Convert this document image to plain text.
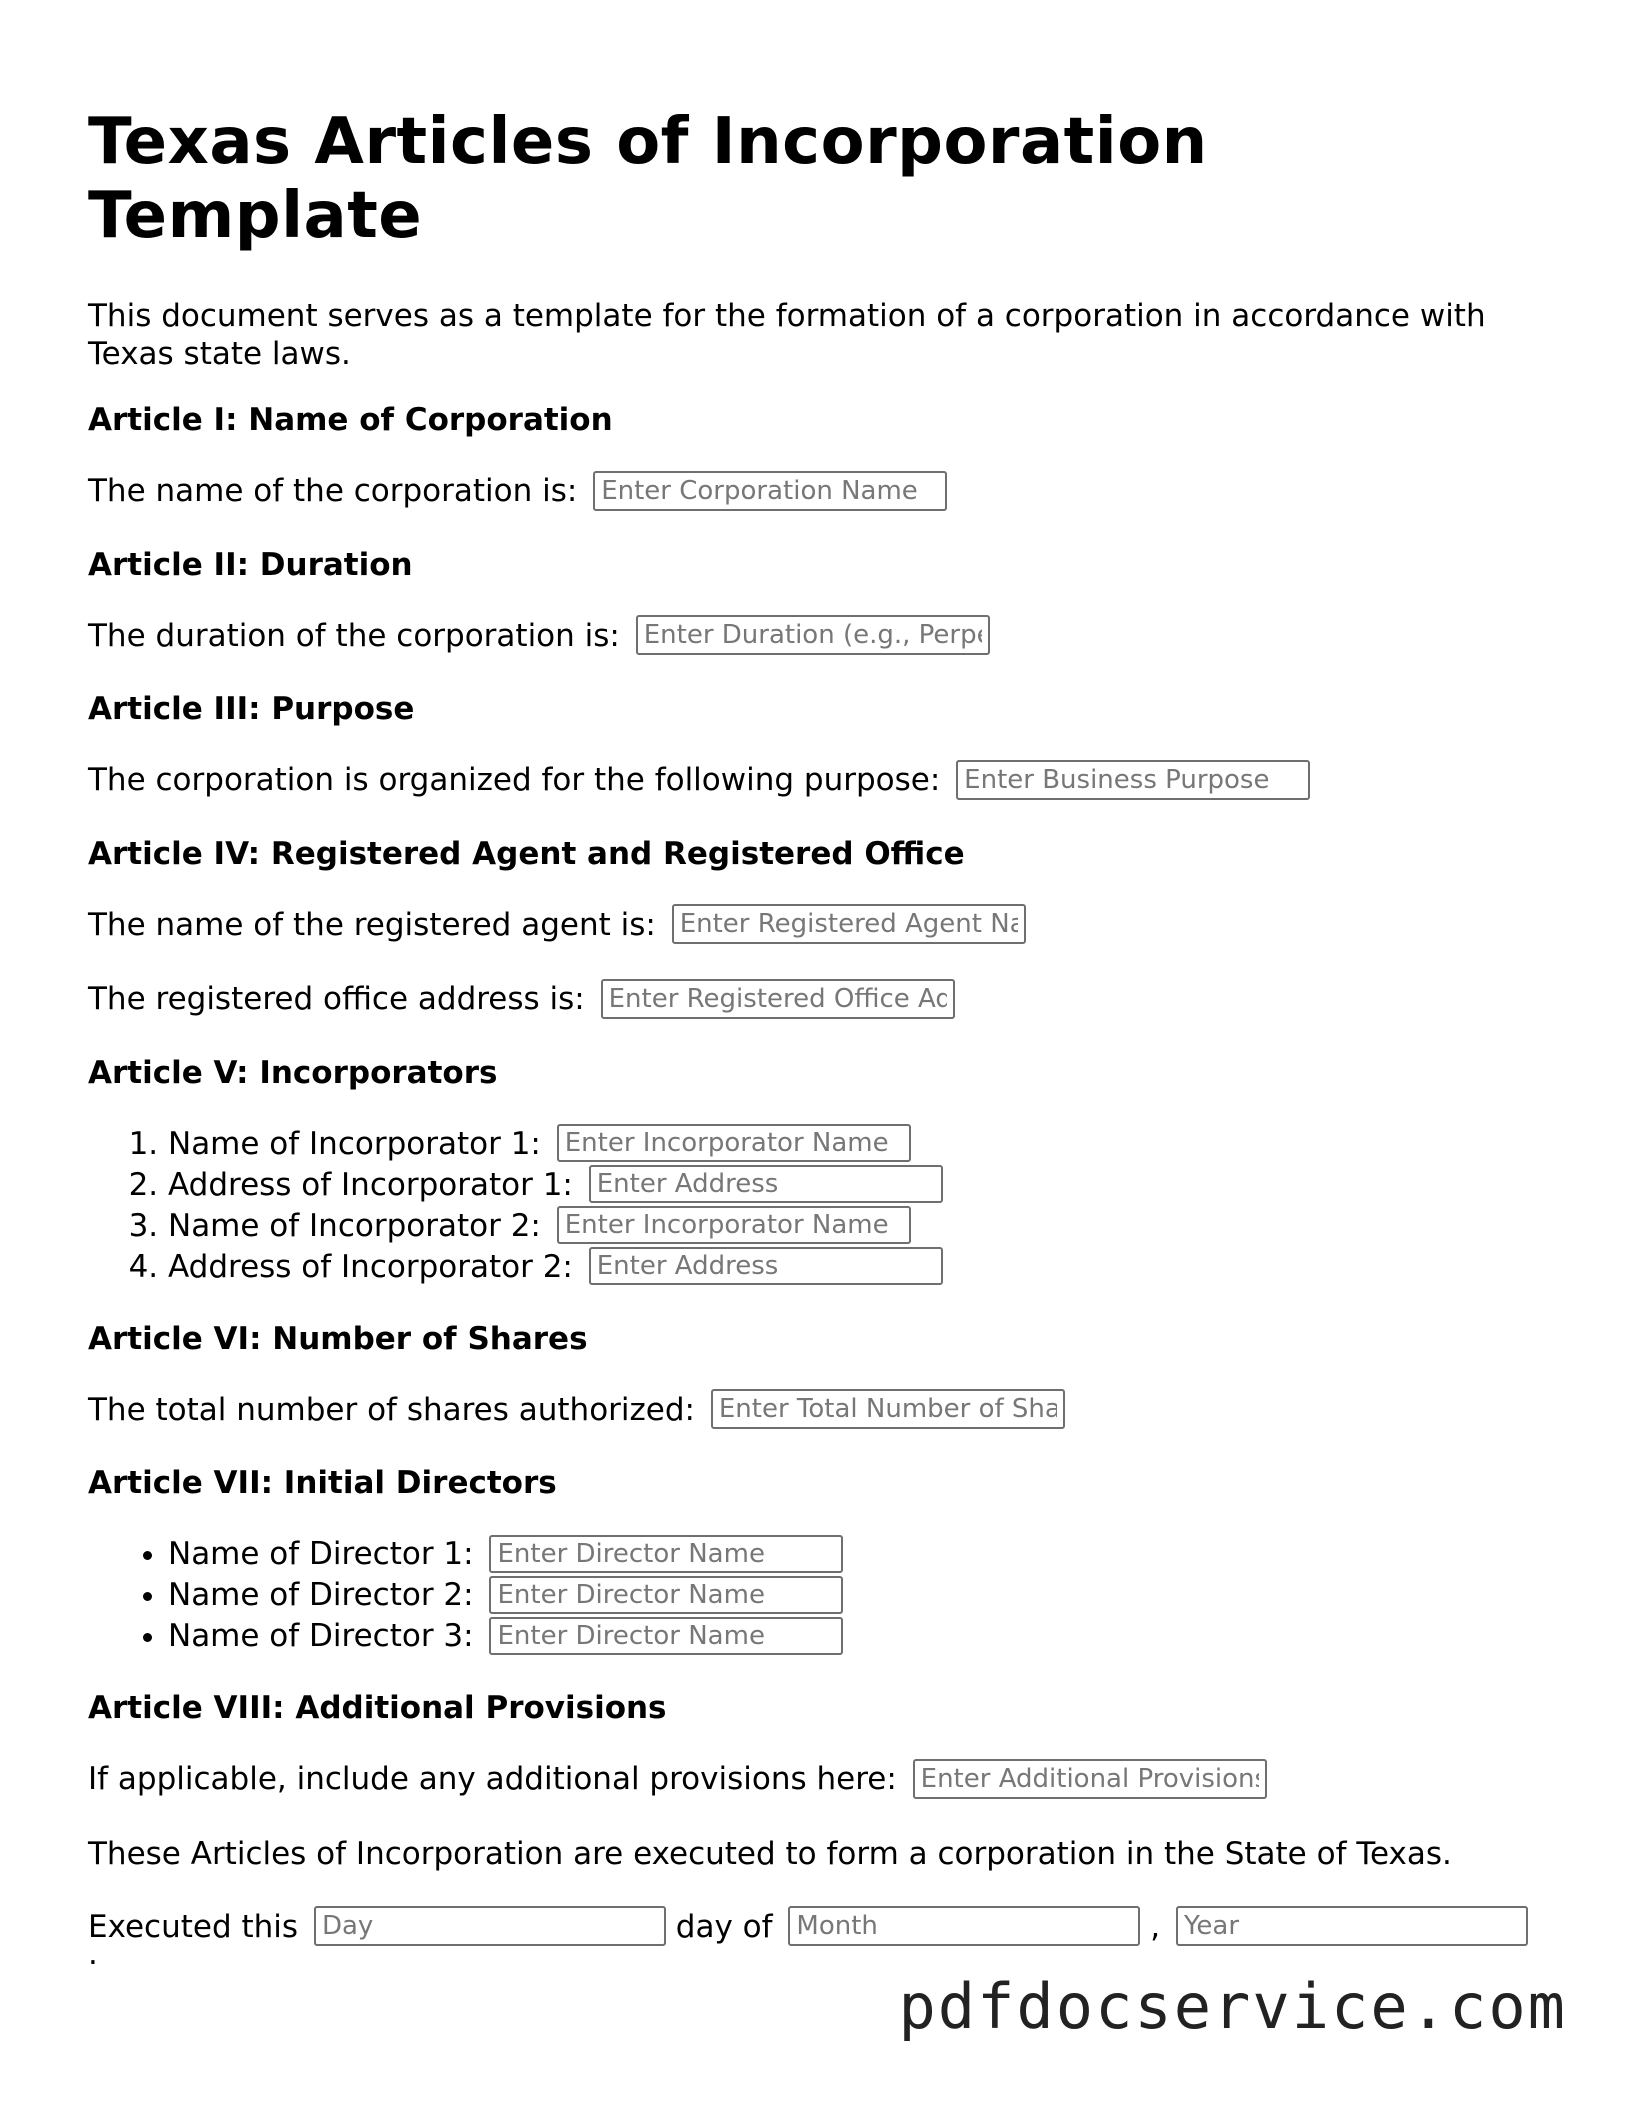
Texas Articles of Incorporation Template

This document serves as a template for the formation of a corporation in accordance with Texas state laws.

Article I: Name of Corporation
The name of the corporation is: Enter Corporation Name
Article II: Duration
The duration of the corporation is: Enter Duration (e.g., Perpetual)
Article III: Purpose
The corporation is organized for the following purpose: Enter Business Purpose
Article IV: Registered Agent and Registered Office
The name of the registered agent is: Enter Registered Agent Name
The registered office address is: Enter Registered Office Address
Article V: Incorporators
1. Name of Incorporator 1: Enter Incorporator Name
2. Address of Incorporator 1: Enter Address
3. Name of Incorporator 2: Enter Incorporator Name
4. Address of Incorporator 2: Enter Address
Article VI: Number of Shares
The total number of shares authorized: Enter Total Number of Shares
Article VII: Initial Directors
• Name of Director 1: Enter Director Name
• Name of Director 2: Enter Director Name
• Name of Director 3: Enter Director Name
Article VIII: Additional Provisions
If applicable, include any additional provisions here: Enter Additional Provisions

These Articles of Incorporation are executed to form a corporation in the State of Texas.

Executed this Day	day of Month	, Year
.
pdfdocservice.com
